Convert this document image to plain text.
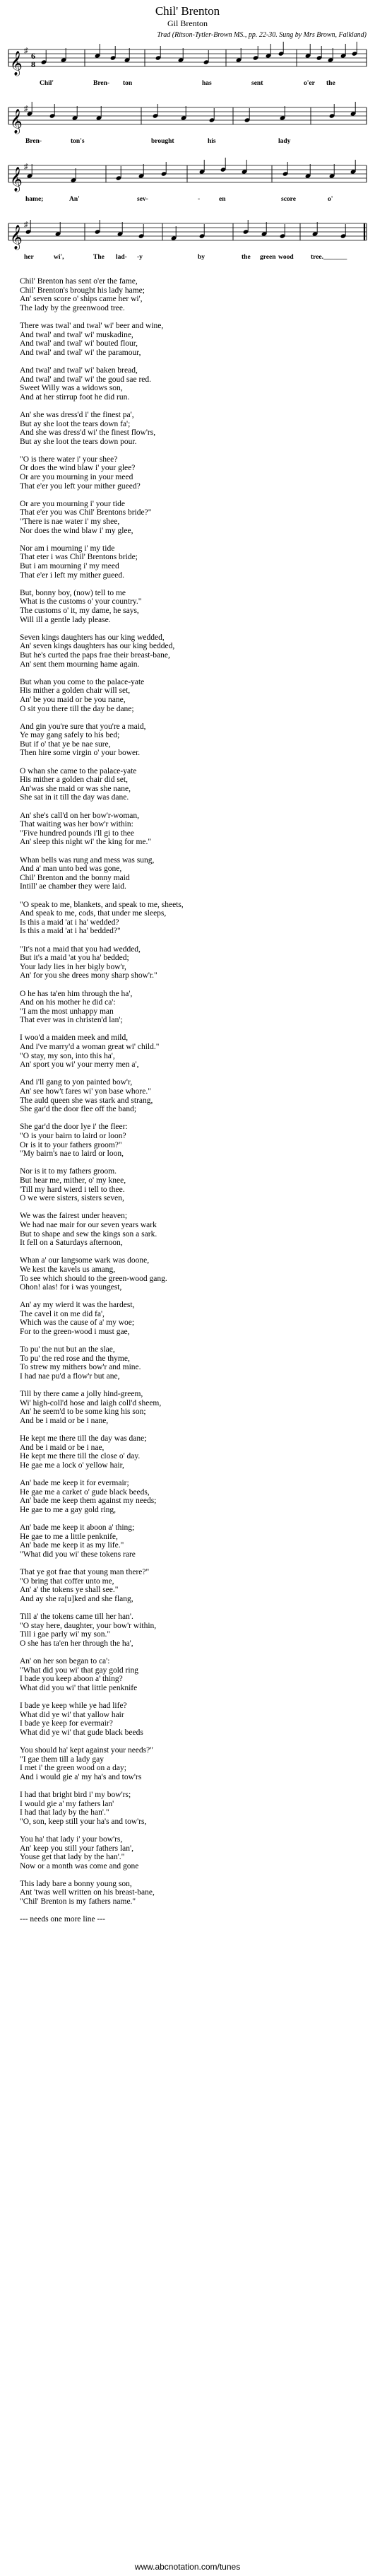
Chil' Brenton
Gil Brenton
Trad (Ritson-Tytler-Brown MS., pp. 22-30. Sung by Mrs Brown, Falkland)
𝄞
♯ 6
8
Chil'	Bren- ton	has	sent	o'er the
𝄞
♯
Bren-	ton's	brought	his	lady
𝄞
♯
hame;	An'	sev-	-	en	score	o'
𝄞
♯
her	wi',	The lad- -y	by	the green wood	tree._______
Chil' Brenton has sent o'er the fame,
Chil' Brenton's brought his lady hame;
An' seven score o' ships came her wi',
The lady by the greenwood tree.
There was twal' and twal' wi' beer and wine,
And twal' and twal' wi' muskadine,
And twal' and twal' wi' bouted flour,
And twal' and twal' wi' the paramour,
And twal' and twal' wi' baken bread,
And twal' and twal' wi' the goud sae red.
Sweet Willy was a widows son,
And at her stirrup foot he did run.
An' she was dress'd i' the finest pa',
But ay she loot the tears down fa';
And she was dress'd wi' the finest flow'rs,
But ay she loot the tears down pour.
"O is there water i' your shee?
Or does the wind blaw i' your glee?
Or are you mourning in your meed
That e'er you left your mither gueed?
Or are you mourning i' your tide
That e'er you was Chil' Brentons bride?"
"There is nae water i' my shee,
Nor does the wind blaw i' my glee,
Nor am i mourning i' my tide
That eter i was Chil' Brentons bride;
But i am mourning i' my meed
That e'er i left my mither gueed.
But, bonny boy, (now) tell to me
What is the customs o' your country."
The customs o' it, my dame, he says,
Will ill a gentle lady please.
Seven kings daughters has our king wedded,
An' seven kings daughters has our king bedded,
But he's curted the paps frae their breast-bane,
An' sent them mourning hame again.
But whan you come to the palace-yate
His mither a golden chair will set,
An' be you maid or be you nane,
O sit you there till the day be dane;
And gin you're sure that you're a maid,
Ye may gang safely to his bed;
But if o' that ye be nae sure,
Then hire some virgin o' your bower.
O whan she came to the palace-yate
His mither a golden chair did set,
An'was she maid or was she nane,
She sat in it till the day was dane.
An' she's call'd on her bow'r-woman,
That waiting was her bow'r within:
"Five hundred pounds i'll gi to thee
An' sleep this night wi' the king for me."
Whan bells was rung and mess was sung,
And a' man unto bed was gone,
Chil' Brenton and the bonny maid
Intill' ae chamber they were laid.
"O speak to me, blankets, and speak to me, sheets,
And speak to me, cods, that under me sleeps,
Is this a maid 'at i ha' wedded?
Is this a maid 'at i ha' bedded?"
"It's not a maid that you had wedded,
But it's a maid 'at you ha' bedded;
Your lady lies in her bigly bow'r,
An' for you she drees mony sharp show'r."
O he has ta'en him through the ha',
And on his mother he did ca':
"I am the most unhappy man
That ever was in christen'd lan';
I woo'd a maiden meek and mild,
And i've marry'd a woman great wi' child."
"O stay, my son, into this ha',
An' sport you wi' your merry men a',
And i'll gang to yon painted bow'r,
An' see how't fares wi' yon base whore."
The auld queen she was stark and strang,
She gar'd the door flee off the band;
She gar'd the door lye i' the fleer:
"O is your bairn to laird or loon?
Or is it to your fathers groom?"
"My bairn's nae to laird or loon,
Nor is it to my fathers groom.
But hear me, mither, o' my knee,
'Till my hard wierd i tell to thee.
O we were sisters, sisters seven,
We was the fairest under heaven;
We had nae mair for our seven years wark
But to shape and sew the kings son a sark.
It fell on a Saturdays afternoon,
Whan a' our langsome wark was doone,
We kest the kavels us amang,
To see which should to the green-wood gang.
Ohon! alas! for i was youngest,
An' ay my wierd it was the hardest,
The cavel it on me did fa',
Which was the cause of a' my woe;
For to the green-wood i must gae,
To pu' the nut but an the slae,
To pu' the red rose and the thyme,
To strew my mithers bow'r and mine.
I had nae pu'd a flow'r but ane,
Till by there came a jolly hind-greem,
Wi' high-coll'd hose and laigh coll'd sheem,
An' he seem'd to be some king his son;
And be i maid or be i nane,
He kept me there till the day was dane;
And be i maid or be i nae,
He kept me there till the close o' day.
He gae me a lock o' yellow hair,
An' bade me keep it for evermair;
He gae me a carket o' gude black beeds,
An' bade me keep them against my needs;
He gae to me a gay gold ring,
An' bade me keep it aboon a' thing;
He gae to me a little penknife,
An' bade me keep it as my life."
"What did you wi' these tokens rare
That ye got frae that young man there?"
"O bring that coffer unto me,
An' a' the tokens ye shall see."
And ay she ra[u]ked and she flang,
Till a' the tokens came till her han'.
"O stay here, daughter, your bow'r within,
Till i gae parly wi' my son."
O she has ta'en her through the ha',
An' on her son began to ca':
"What did you wi' that gay gold ring
I bade you keep aboon a' thing?
What did you wi' that little penknife
I bade ye keep while ye had life?
What did ye wi' that yallow hair
I bade ye keep for evermair?
What did ye wi' that gude black beeds
You should ha' kept against your needs?"
"I gae them till a lady gay
I met i' the green wood on a day;
And i would gie a' my ha's and tow'rs
I had that bright bird i' my bow'rs;
I would gie a' my fathers lan'
I had that lady by the han'."
"O, son, keep still your ha's and tow'rs,
You ha' that lady i' your bow'rs,
An' keep you still your fathers lan',
Youse get that lady by the han'."
Now or a month was come and gone
This lady bare a bonny young son,
Ant 'twas well written on his breast-bane,
"Chil' Brenton is my fathers name."
--- needs one more line ---
www.abcnotation.com/tunes
